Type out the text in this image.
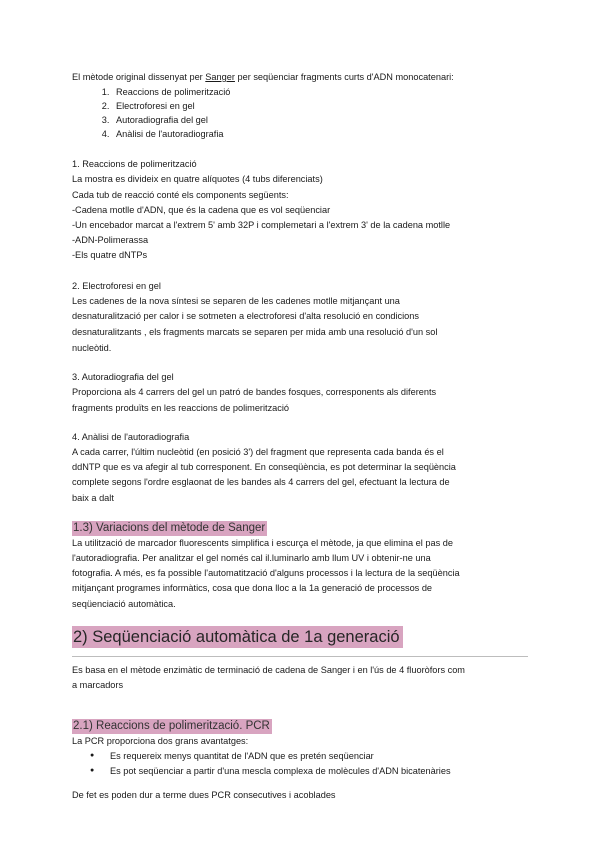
El mètode original dissenyat per Sanger per seqüenciar fragments curts d'ADN monocatenari:

1. Reaccions de polimerització
2. Electroforesi en gel
3. Autoradiografia del gel
4. Anàlisi de l'autoradiografia

1. Reaccions de polimerització

La mostra es divideix en quatre alíquotes (4 tubs diferenciats)

Cada tub de reacció conté els components següents:

-Cadena motlle d'ADN, que és la cadena que es vol seqüenciar

-Un encebador marcat a l'extrem 5' amb 32P i complemetari a l'extrem 3' de la cadena motlle

-ADN-Polimerassa

-Els quatre dNTPs

2. Electroforesi en gel

Les cadenes de la nova síntesi se separen de les cadenes motlle mitjançant una

desnaturalització per calor i se sotmeten a electroforesi d'alta resolució en condicions

desnaturalitzants , els fragments marcats se separen per mida amb una resolució d'un sol

nucleòtid.

3. Autoradiografia del gel

Proporciona als 4 carrers del gel un patró de bandes fosques, corresponents als diferents

fragments produïts en les reaccions de polimerització

4. Anàlisi de l'autoradiografia

A cada carrer, l'últim nucleòtid (en posició 3') del fragment que representa cada banda és el

ddNTP que es va afegir al tub corresponent. En conseqüència, es pot determinar la seqüència

complete segons l'ordre esglaonat de les bandes als 4 carrers del gel, efectuant la lectura de

baix a dalt

1.3) Variacions del mètode de Sanger

La utilització de marcador fluorescents simplifica i escurça el mètode, ja que elimina el pas de

l'autoradiografia. Per analitzar el gel només cal il.luminarlo amb llum UV i obtenir-ne una

fotografia. A més, es fa possible l'automatització d'alguns processos i la lectura de la seqüència

mitjançant programes informàtics, cosa que dona lloc a la 1a generació de processos de

seqüenciació automàtica.

2) Seqüenciació automàtica de 1a generació

Es basa en el mètode enzimàtic de terminació de cadena de Sanger i en l'ús de 4 fluoròfors com

a marcadors

2.1) Reaccions de polimerització. PCR

La PCR proporciona dos grans avantatges:

● Es requereix menys quantitat de l'ADN que es pretén seqüenciar
● Es pot seqüenciar a partir d'una mescla complexa de molècules d'ADN bicatenàries

De fet es poden dur a terme dues PCR consecutives i acoblades
